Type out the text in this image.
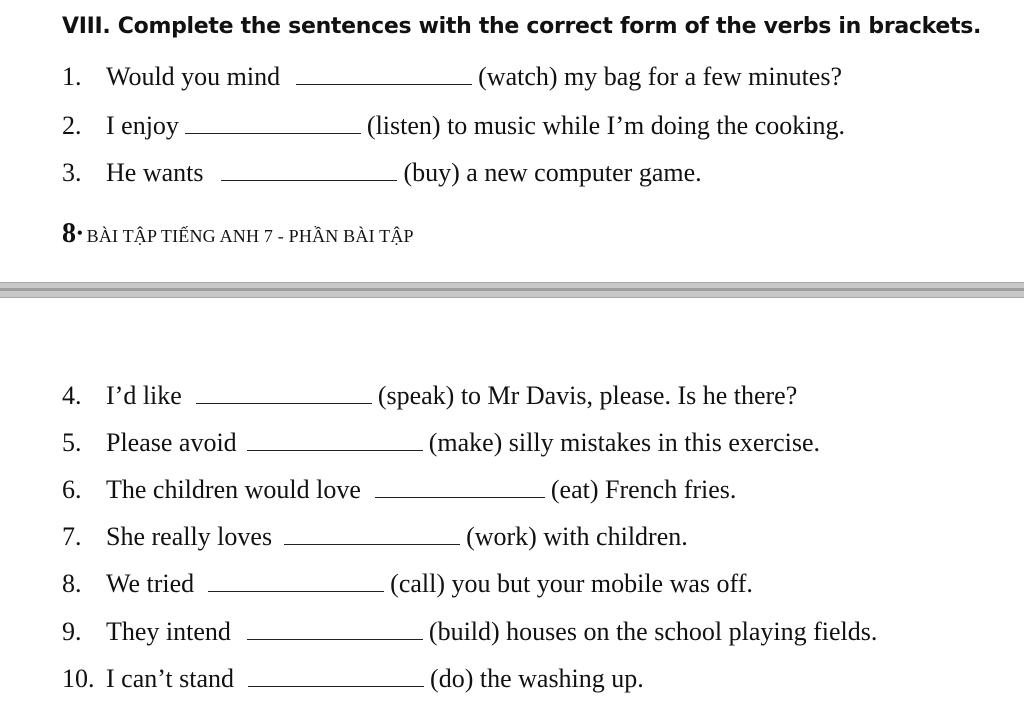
VIII. Complete the sentences with the correct form of the verbs in brackets.
1. Would you mind	(watch) my bag for a few minutes?
2. I enjoy	(listen) to music while I’m doing the cooking.
3. He wants	(buy) a new computer game.
8• BÀI TẬP TIẾNG ANH 7 - PHẦN BÀI TẬP
4. I’d like	(speak) to Mr Davis, please. Is he there?
5. Please avoid	(make) silly mistakes in this exercise.
6. The children would love	(eat) French fries.
7. She really loves	(work) with children.
8. We tried	(call) you but your mobile was off.
9. They intend	(build) houses on the school playing fields.
10. I can’t stand	(do) the washing up.
